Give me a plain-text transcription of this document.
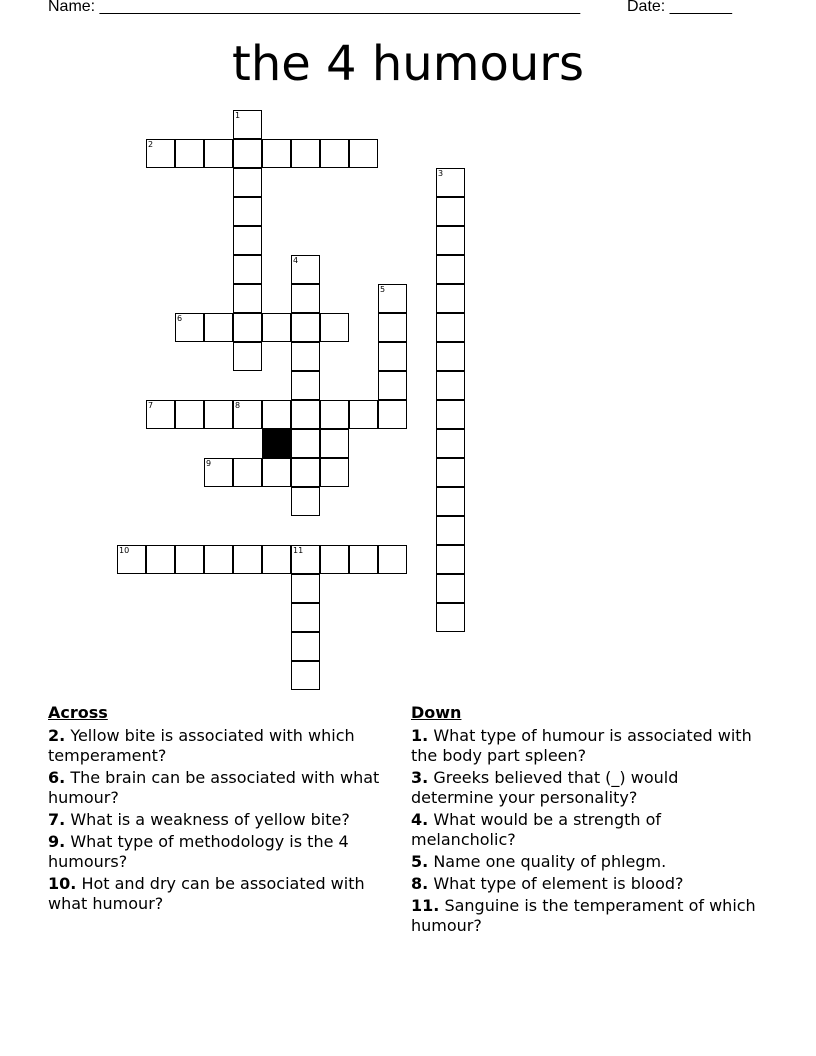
Name: ______________________________________________________	Date: _______
the 4 humours
1
2
4
5
6
7	8
9
10	11
3
Across
2. Yellow bite is associated with which temperament?
6. The brain can be associated with what humour?
7. What is a weakness of yellow bite?
9. What type of methodology is the 4 humours?
10. Hot and dry can be associated with what humour?
Down
1. What type of humour is associated with the body part spleen?
3. Greeks believed that (_) would determine your personality?
4. What would be a strength of melancholic?
5. Name one quality of phlegm.
8. What type of element is blood?
11. Sanguine is the temperament of which humour?
